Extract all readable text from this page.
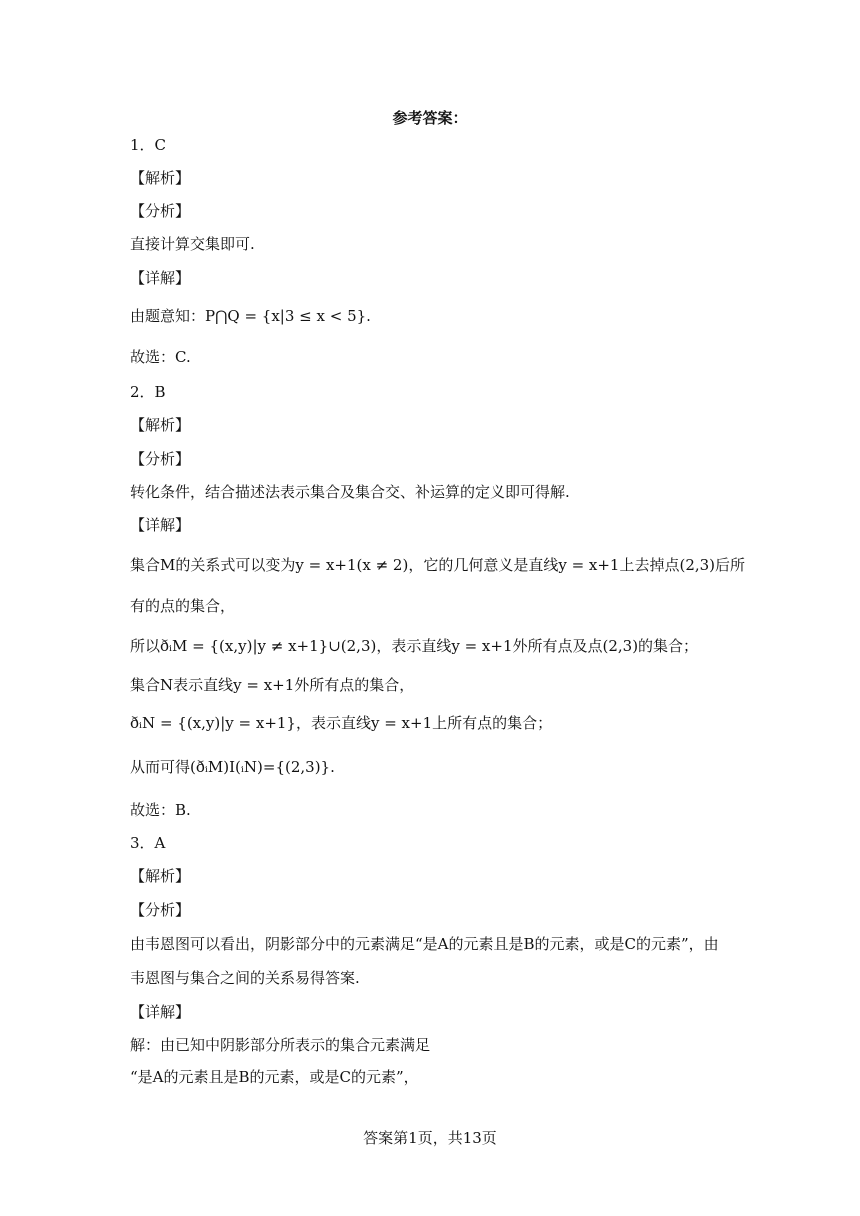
参考答案：
1．C
【解析】
【分析】
直接计算交集即可.
【详解】
由题意知：P⋂Q = {x|3 ≤ x < 5}.
故选：C.
2．B
【解析】
【分析】
转化条件，结合描述法表示集合及集合交、补运算的定义即可得解.
【详解】
集合M的关系式可以变为y = x+1(x ≠ 2)，它的几何意义是直线y = x+1上去掉点(2,3)后所
有的点的集合，
所以ðᵢM = {(x,y)|y ≠ x+1}∪(2,3)，表示直线y = x+1外所有点及点(2,3)的集合；
集合N表示直线y = x+1外所有点的集合，
ðᵢN = {(x,y)|y = x+1}，表示直线y = x+1上所有点的集合；
从而可得(ðᵢM)I(ᵢN)={(2,3)}.
故选：B.
3．A
【解析】
【分析】
由韦恩图可以看出，阴影部分中的元素满足“是A的元素且是B的元素，或是C的元素”，由
韦恩图与集合之间的关系易得答案.
【详解】
解：由已知中阴影部分所表示的集合元素满足
“是A的元素且是B的元素，或是C的元素”，
答案第1页，共13页
